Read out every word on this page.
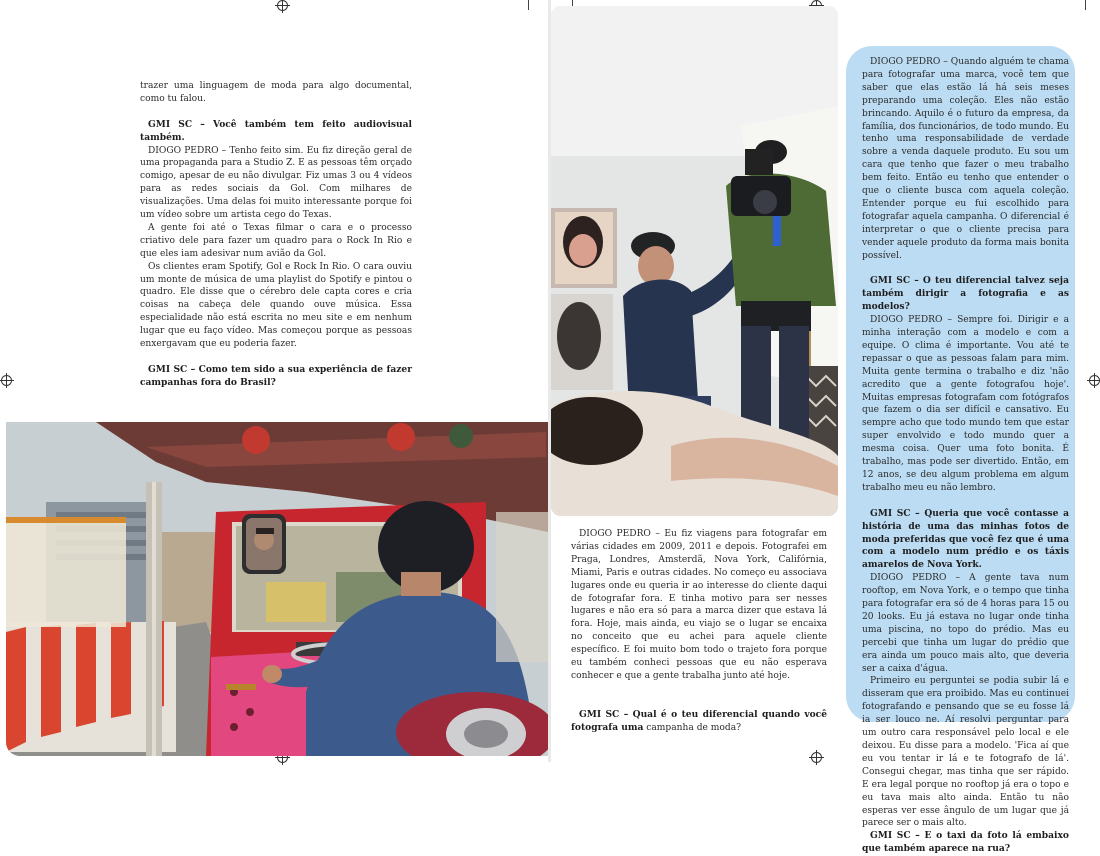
trazer uma linguagem de moda para algo documental, como tu falou.

GMI SC – Você também tem feito audiovisual também.

DIOGO PEDRO – Tenho feito sim. Eu fiz direção geral de uma propaganda para a Studio Z. E as pessoas têm orçado comigo, apesar de eu não divulgar. Fiz umas 3 ou 4 vídeos para as redes sociais da Gol. Com milhares de visualizações. Uma delas foi muito interessante porque foi um vídeo sobre um artista cego do Texas.

A gente foi até o Texas filmar o cara e o processo criativo dele para fazer um quadro para o Rock In Rio e que eles iam adesivar num avião da Gol.

Os clientes eram Spotify, Gol e Rock In Rio. O cara ouviu um monte de música de uma playlist do Spotify e pintou o quadro. Ele disse que o cérebro dele capta cores e cria coisas na cabeça dele quando ouve música. Essa especialidade não está escrita no meu site e em nenhum lugar que eu faço vídeo. Mas começou porque as pessoas enxergavam que eu poderia fazer.

GMI SC – Como tem sido a sua experiência de fazer campanhas fora do Brasil?

DIOGO PEDRO – Eu fiz viagens para fotografar em várias cidades em 2009, 2011 e depois. Fotografei em Praga, Londres, Amsterdã, Nova York, Califórnia, Miami, Paris e outras cidades. No começo eu associava lugares onde eu queria ir ao interesse do cliente daqui de fotografar fora. E tinha motivo para ser nesses lugares e não era só para a marca dizer que estava lá fora. Hoje, mais ainda, eu viajo se o lugar se encaixa no conceito que eu achei para aquele cliente específico. E foi muito bom todo o trajeto fora porque eu também conheci pessoas que eu não esperava conhecer e que a gente trabalha junto até hoje.

GMI SC – Qual é o teu diferencial quando você fotografa uma campanha de moda?

DIOGO PEDRO – Quando alguém te chama para fotografar uma marca, você tem que saber que elas estão lá há seis meses preparando uma coleção. Eles não estão brincando. Aquilo é o futuro da empresa, da família, dos funcionários, de todo mundo. Eu tenho uma responsabilidade de verdade sobre a venda daquele produto. Eu sou um cara que tenho que fazer o meu trabalho bem feito. Então eu tenho que entender o que o cliente busca com aquela coleção. Entender porque eu fui escolhido para fotografar aquela campanha. O diferencial é interpretar o que o cliente precisa para vender aquele produto da forma mais bonita possível.

GMI SC – O teu diferencial talvez seja também dirigir a fotografia e as modelos?

DIOGO PEDRO – Sempre foi. Dirigir e a minha interação com a modelo e com a equipe. O clima é importante. Vou até te repassar o que as pessoas falam para mim. Muita gente termina o trabalho e diz 'não acredito que a gente fotografou hoje'. Muitas empresas fotografam com fotógrafos que fazem o dia ser difícil e cansativo. Eu sempre acho que todo mundo tem que estar super envolvido e todo mundo quer a mesma coisa. Quer uma foto bonita. É trabalho, mas pode ser divertido. Então, em 12 anos, se deu algum problema em algum trabalho meu eu não lembro.

GMI SC – Queria que você contasse a história de uma das minhas fotos de moda preferidas que você fez que é uma com a modelo num prédio e os táxis amarelos de Nova York.

DIOGO PEDRO – A gente tava num rooftop, em Nova York, e o tempo que tinha para fotografar era só de 4 horas para 15 ou 20 looks. Eu já estava no lugar onde tinha uma piscina, no topo do prédio. Mas eu percebi que tinha um lugar do prédio que era ainda um pouco mais alto, que deveria ser a caixa d'água.

Primeiro eu perguntei se podia subir lá e disseram que era proibido. Mas eu continuei fotografando e pensando que se eu fosse lá ia ser louco ne. Aí resolvi perguntar para um outro cara responsável pelo local e ele deixou. Eu disse para a modelo. 'Fica aí que eu vou tentar ir lá e te fotografo de lá'. Consegui chegar, mas tinha que ser rápido. E era legal porque no rooftop já era o topo e eu tava mais alto ainda. Então tu não esperas ver esse ângulo de um lugar que já parece ser o mais alto.

GMI SC – E o taxi da foto lá embaixo que também aparece na rua?
